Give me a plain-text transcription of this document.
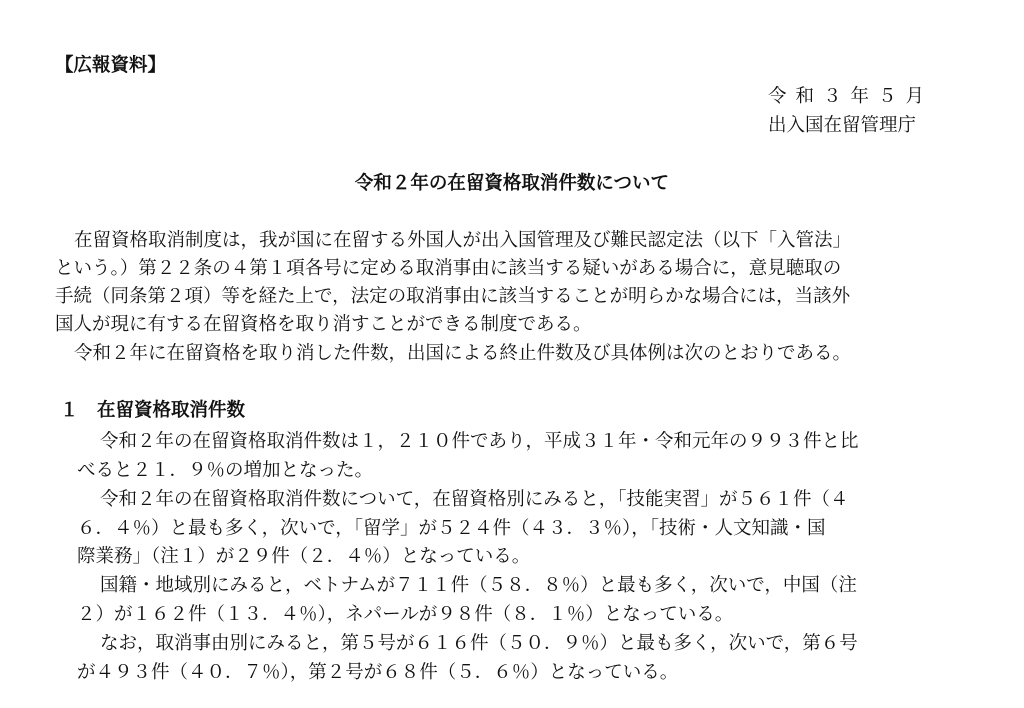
【広報資料】
令和３年５月
出入国在留管理庁
令和２年の在留資格取消件数について
在留資格取消制度は，我が国に在留する外国人が出入国管理及び難民認定法（以下「入管法」
という。）第２２条の４第１項各号に定める取消事由に該当する疑いがある場合に，意見聴取の
手続（同条第２項）等を経た上で，法定の取消事由に該当することが明らかな場合には，当該外
国人が現に有する在留資格を取り消すことができる制度である。
令和２年に在留資格を取り消した件数，出国による終止件数及び具体例は次のとおりである。
１ 在留資格取消件数
令和２年の在留資格取消件数は１，２１０件であり，平成３１年・令和元年の９９３件と比
べると２１．９％の増加となった。
令和２年の在留資格取消件数について，在留資格別にみると，「技能実習」が５６１件（４
６．４％）と最も多く，次いで，「留学」が５２４件（４３．３％），「技術・人文知識・国
際業務」（注１）が２９件（２．４％）となっている。
国籍・地域別にみると，ベトナムが７１１件（５８．８％）と最も多く，次いで，中国（注
２）が１６２件（１３．４％），ネパールが９８件（８．１％）となっている。
なお，取消事由別にみると，第５号が６１６件（５０．９％）と最も多く，次いで，第６号
が４９３件（４０．７％），第２号が６８件（５．６％）となっている。
